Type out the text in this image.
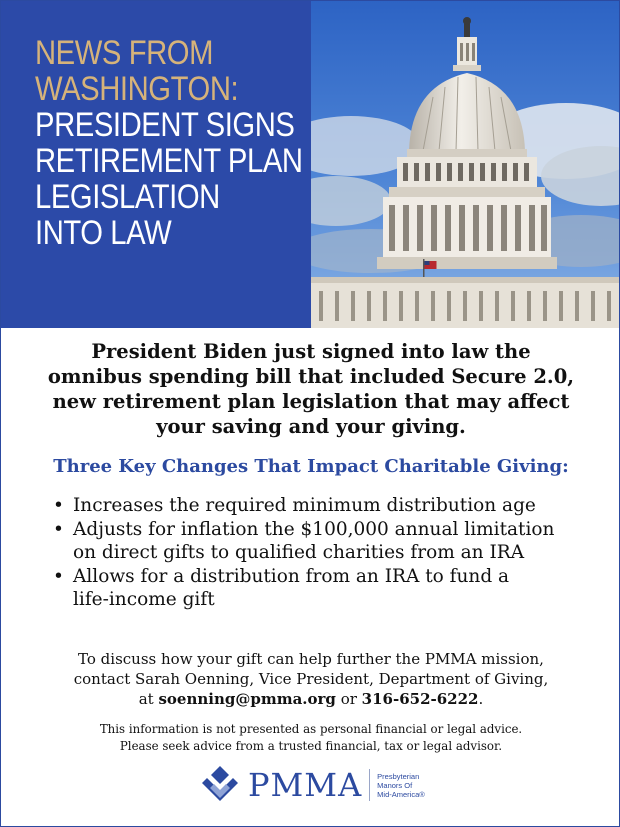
NEWS FROM
WASHINGTON:
PRESIDENT SIGNS
RETIREMENT PLAN
LEGISLATION
INTO LAW
President Biden just signed into law the
omnibus spending bill that included Secure 2.0,
new retirement plan legislation that may affect
your saving and your giving.
Three Key Changes That Impact Charitable Giving:
• Increases the required minimum distribution age
• Adjusts for inflation the $100,000 annual limitation
on direct gifts to qualified charities from an IRA
• Allows for a distribution from an IRA to fund a
life-income gift
To discuss how your gift can help further the PMMA mission,
contact Sarah Oenning, Vice President, Department of Giving,
at soenning@pmma.org or 316-652-6222.
This information is not presented as personal financial or legal advice.
Please seek advice from a trusted financial, tax or legal advisor.
PMMA Presbyterian
Manors Of
Mid-America®
